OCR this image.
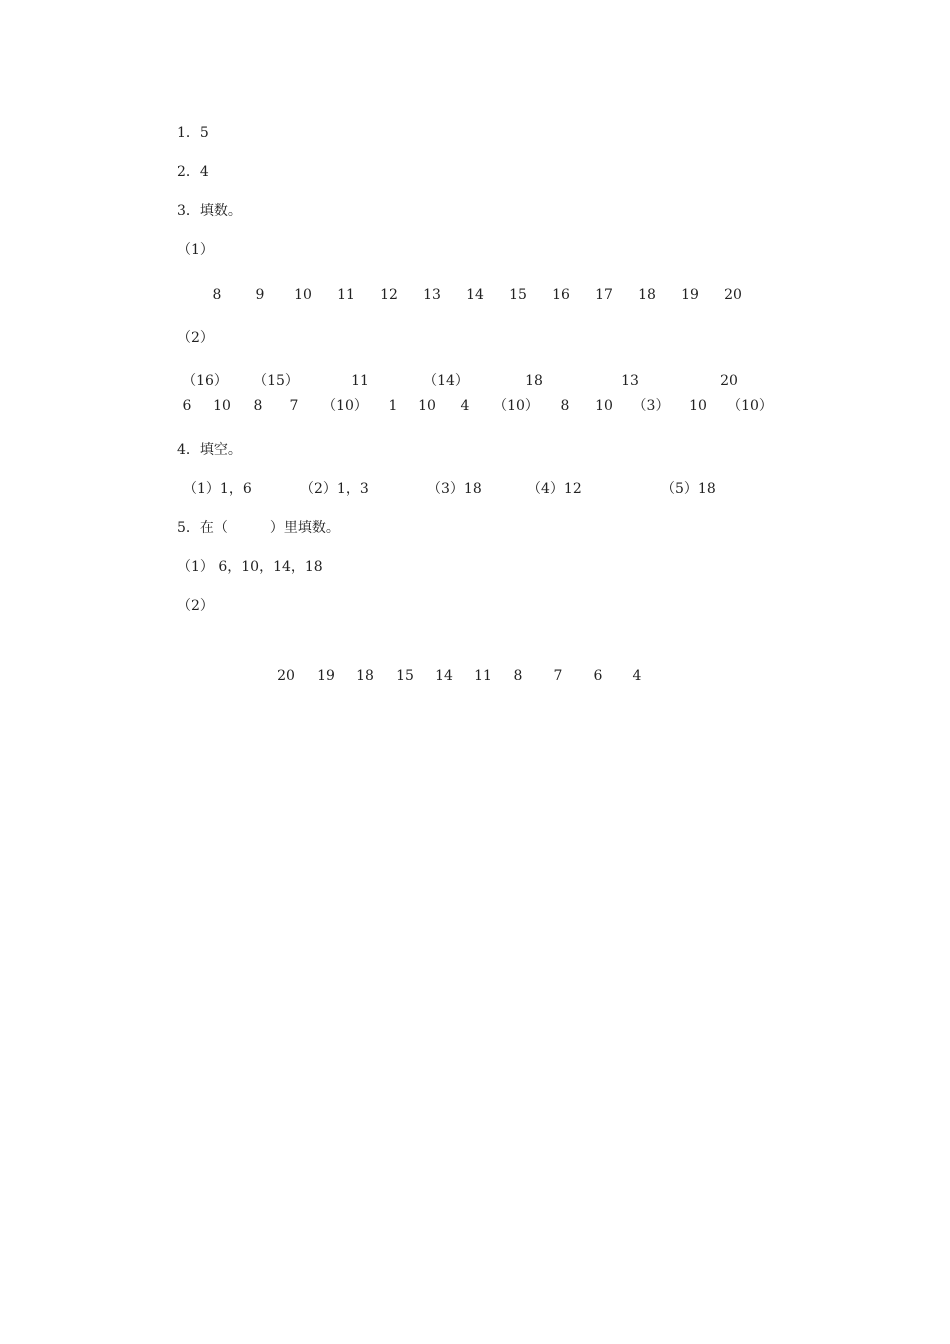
1．5
2．4
3．填数。
（1）
8 9 10 11 12 13 14 15 16 17 18 19 20
（2）
（16） （15）	11	（14）	18	13	20
6 10 8 7 （10） 1 10 4 （10） 8 10 （3） 10 （10）
4．填空。
（1）1，6	（2）1，3	（3）18	（4）12	（5）18
5．在（　　　）里填数。
（1） 6，10，14，18
（2）
20 19 18 15 14 11 8 7 6 4
